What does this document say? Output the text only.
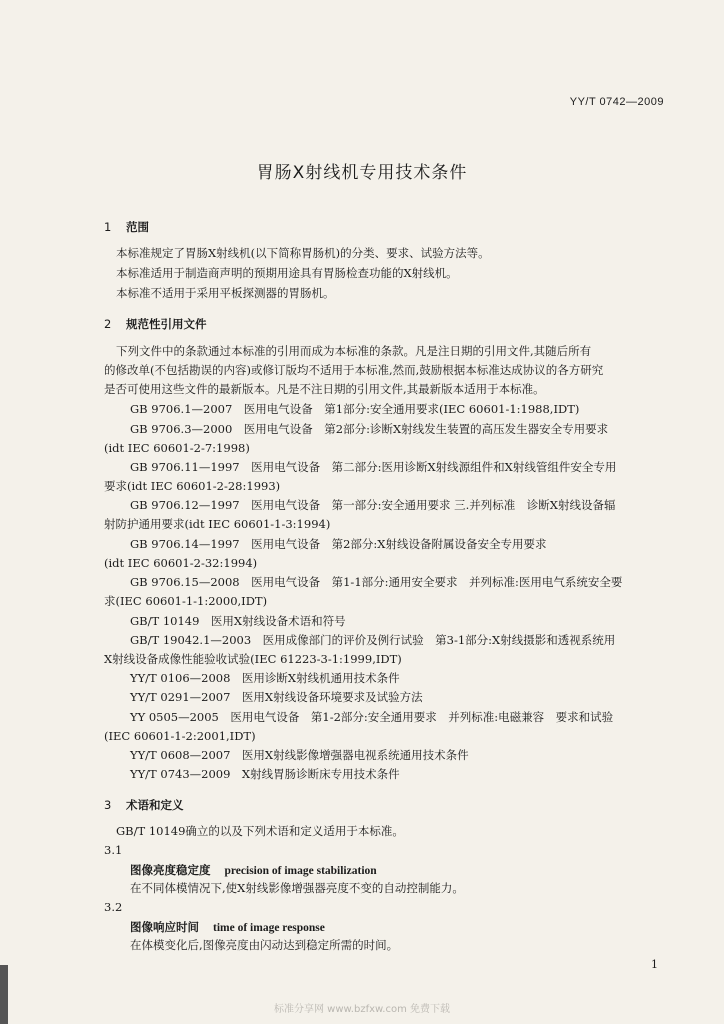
YY/T 0742—2009
胃肠X射线机专用技术条件
1 范围
本标准规定了胃肠X射线机(以下简称胃肠机)的分类、要求、试验方法等。
本标准适用于制造商声明的预期用途具有胃肠检查功能的X射线机。
本标准不适用于采用平板探测器的胃肠机。
2 规范性引用文件
下列文件中的条款通过本标准的引用而成为本标准的条款。凡是注日期的引用文件,其随后所有
的修改单(不包括勘误的内容)或修订版均不适用于本标准,然而,鼓励根据本标准达成协议的各方研究
是否可使用这些文件的最新版本。凡是不注日期的引用文件,其最新版本适用于本标准。
GB 9706.1—2007　医用电气设备　第1部分:安全通用要求(IEC 60601-1:1988,IDT)
GB 9706.3—2000　医用电气设备　第2部分:诊断X射线发生装置的高压发生器安全专用要求
(idt IEC 60601-2-7:1998)
GB 9706.11—1997　医用电气设备　第二部分:医用诊断X射线源组件和X射线管组件安全专用
要求(idt IEC 60601-2-28:1993)
GB 9706.12—1997　医用电气设备　第一部分:安全通用要求 三.并列标准　诊断X射线设备辐
射防护通用要求(idt IEC 60601-1-3:1994)
GB 9706.14—1997　医用电气设备　第2部分:X射线设备附属设备安全专用要求
(idt IEC 60601-2-32:1994)
GB 9706.15—2008　医用电气设备　第1-1部分:通用安全要求　并列标准:医用电气系统安全要
求(IEC 60601-1-1:2000,IDT)
GB/T 10149　医用X射线设备术语和符号
GB/T 19042.1—2003　医用成像部门的评价及例行试验　第3-1部分:X射线摄影和透视系统用
X射线设备成像性能验收试验(IEC 61223-3-1:1999,IDT)
YY/T 0106—2008　医用诊断X射线机通用技术条件
YY/T 0291—2007　医用X射线设备环境要求及试验方法
YY 0505—2005　医用电气设备　第1-2部分:安全通用要求　并列标准:电磁兼容　要求和试验
(IEC 60601-1-2:2001,IDT)
YY/T 0608—2007　医用X射线影像增强器电视系统通用技术条件
YY/T 0743—2009　X射线胃肠诊断床专用技术条件
3 术语和定义
GB/T 10149确立的以及下列术语和定义适用于本标准。
3.1
图像亮度稳定度 precision of image stabilization
在不同体模情况下,使X射线影像增强器亮度不变的自动控制能力。
3.2
图像响应时间 time of image response
在体模变化后,图像亮度由闪动达到稳定所需的时间。
1
标准分享网 www.bzfxw.com 免费下载
